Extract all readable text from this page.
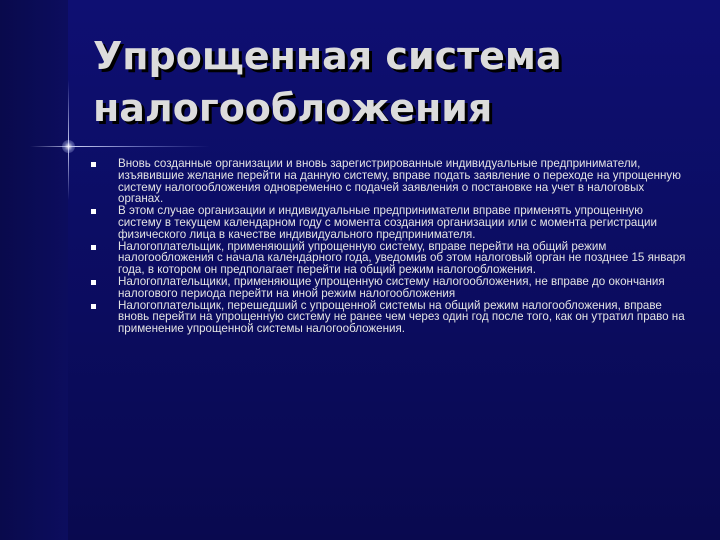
Упрощенная система
налогообложения
Вновь созданные организации и вновь зарегистрированные индивидуальные предприниматели, изъявившие желание перейти на данную систему, вправе подать заявление о переходе на упрощенную систему налогообложения одновременно с подачей заявления о постановке на учет в налоговых органах.
В этом случае организации и индивидуальные предприниматели вправе применять упрощенную систему в текущем календарном году с момента создания организации или с момента регистрации физического лица в качестве индивидуального предпринимателя.
Налогоплательщик, применяющий упрощенную систему, вправе перейти на общий режим налогообложения с начала календарного года, уведомив об этом налоговый орган не позднее 15 января года, в котором он предполагает перейти на общий режим налогообложения.
Налогоплательщики, применяющие упрощенную систему налогообложения, не вправе до окончания налогового периода перейти на иной режим налогообложения
Налогоплательщик, перешедший с упрощенной системы на общий режим налогообложения, вправе вновь перейти на упрощенную систему не ранее чем через один год после того, как он утратил право на применение упрощенной системы налогообложения.
